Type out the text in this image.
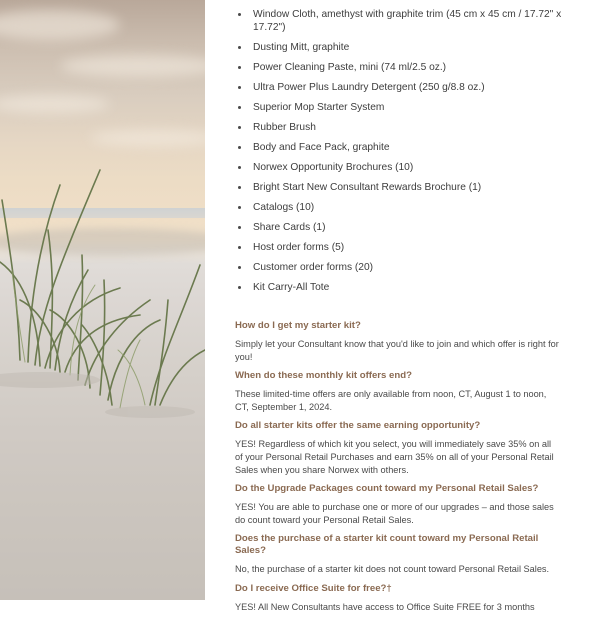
Window Cloth, amethyst with graphite trim (45 cm x 45 cm / 17.72" x 17.72")
Dusting Mitt, graphite
Power Cleaning Paste, mini (74 ml/2.5 oz.)
Ultra Power Plus Laundry Detergent (250 g/8.8 oz.)
Superior Mop Starter System
Rubber Brush
Body and Face Pack, graphite
Norwex Opportunity Brochures (10)
Bright Start New Consultant Rewards Brochure (1)
Catalogs (10)
Share Cards (1)
Host order forms (5)
Customer order forms (20)
Kit Carry-All Tote

How do I get my starter kit?

Simply let your Consultant know that you'd like to join and which offer is right for you!

When do these monthly kit offers end?

These limited-time offers are only available from noon, CT, August 1 to noon, CT, September 1, 2024.

Do all starter kits offer the same earning opportunity?

YES! Regardless of which kit you select, you will immediately save 35% on all of your Personal Retail Purchases and earn 35% on all of your Personal Retail Sales when you share Norwex with others.

Do the Upgrade Packages count toward my Personal Retail Sales?

YES! You are able to purchase one or more of our upgrades – and those sales do count toward your Personal Retail Sales.

Does the purchase of a starter kit count toward my Personal Retail Sales?

No, the purchase of a starter kit does not count toward Personal Retail Sales.

Do I receive Office Suite for free?†

YES! All New Consultants have access to Office Suite FREE for 3 months
